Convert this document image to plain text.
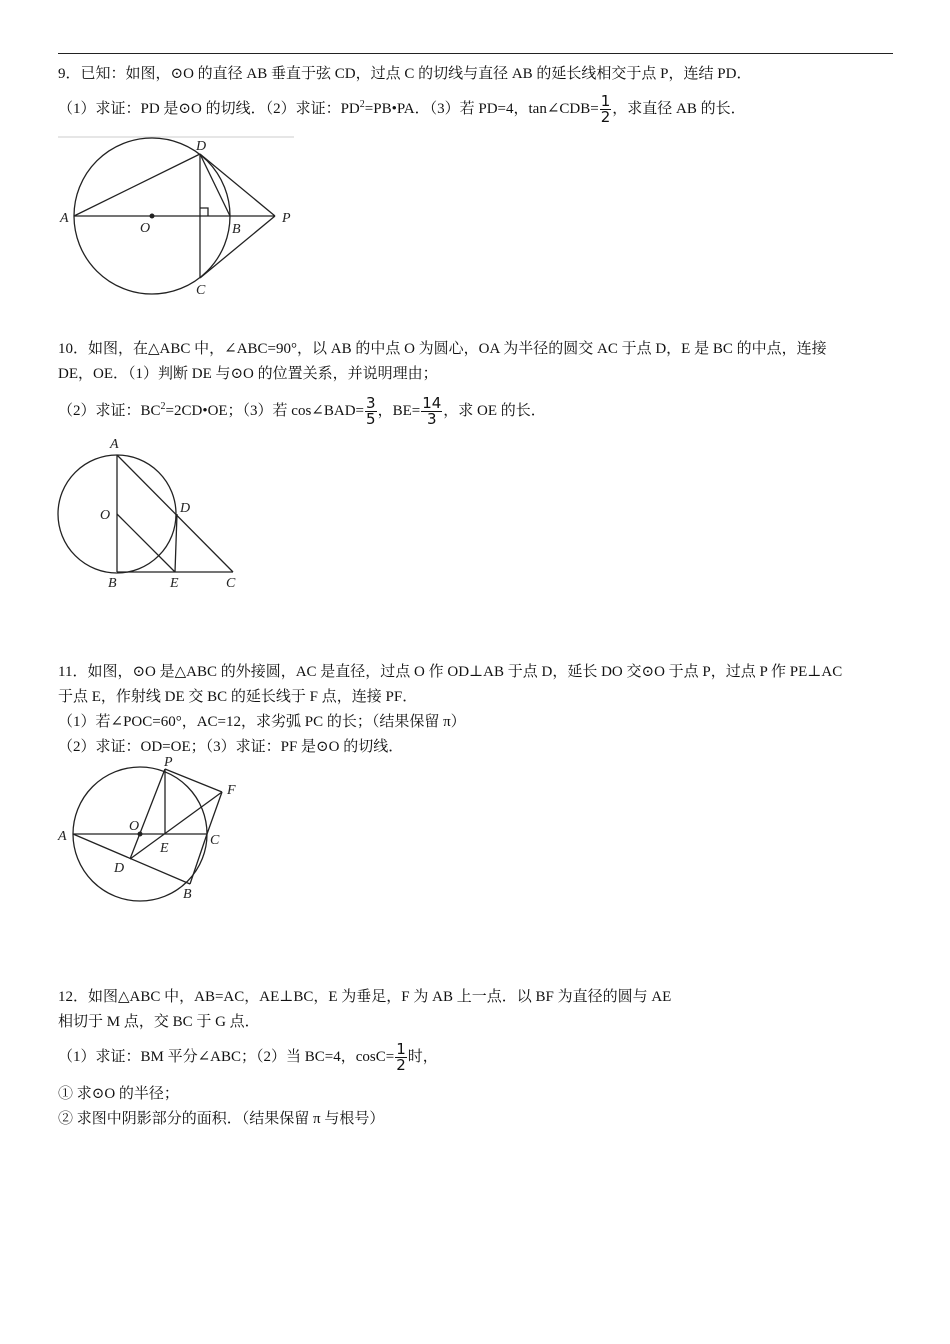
9．已知：如图，⊙O 的直径 AB 垂直于弦 CD，过点 C 的切线与直径 AB 的延长线相交于点 P，连结 PD．
（1）求证：PD 是⊙O 的切线．（2）求证：$PD^2=PB•PA$．（3）若 PD=4，tan∠CDB= $\frac{1}{2}$ ，求直径 AB 的长．
A
O	B
P
D
C
10．如图，在△ABC 中，∠ABC=90°，以 AB 的中点 O 为圆心，OA 为半径的圆交 AC 于点 D，E 是 BC 的中点，连接
DE，OE．（1）判断 DE 与⊙O 的位置关系，并说明理由；
（2）求证：$BC^2=2CD•OE$；（3）若 cos∠BAD= $\frac{3}{5}$ ，$BE= \frac{14}{3}$ ，求 OE 的长．
A
O	D
B	E	C
11．如图，⊙O 是△ABC 的外接圆，AC 是直径，过点 O 作 OD⊥AB 于点 D，延长 DO 交⊙O 于点 P，过点 P 作 PE⊥AC
于点 E，作射线 DE 交 BC 的延长线于 F 点，连接 PF．
（1）若∠POC=60°，AC=12，求劣弧 PC 的长；（结果保留 π）
（2）求证：OD=OE；（3）求证：PF 是⊙O 的切线．
P
F
A
O
C
E
D
B
12．如图△ABC 中，AB=AC，AE⊥BC，E 为垂足，F 为 AB 上一点．以 BF 为直径的圆与 AE
相切于 M 点，交 BC 于 G 点．
（1）求证：BM 平分∠ABC；（2）当 BC=4，$\cos C= \frac{1}{2}$ 时，
① 求⊙O 的半径；
② 求图中阴影部分的面积．（结果保留 π 与根号）
